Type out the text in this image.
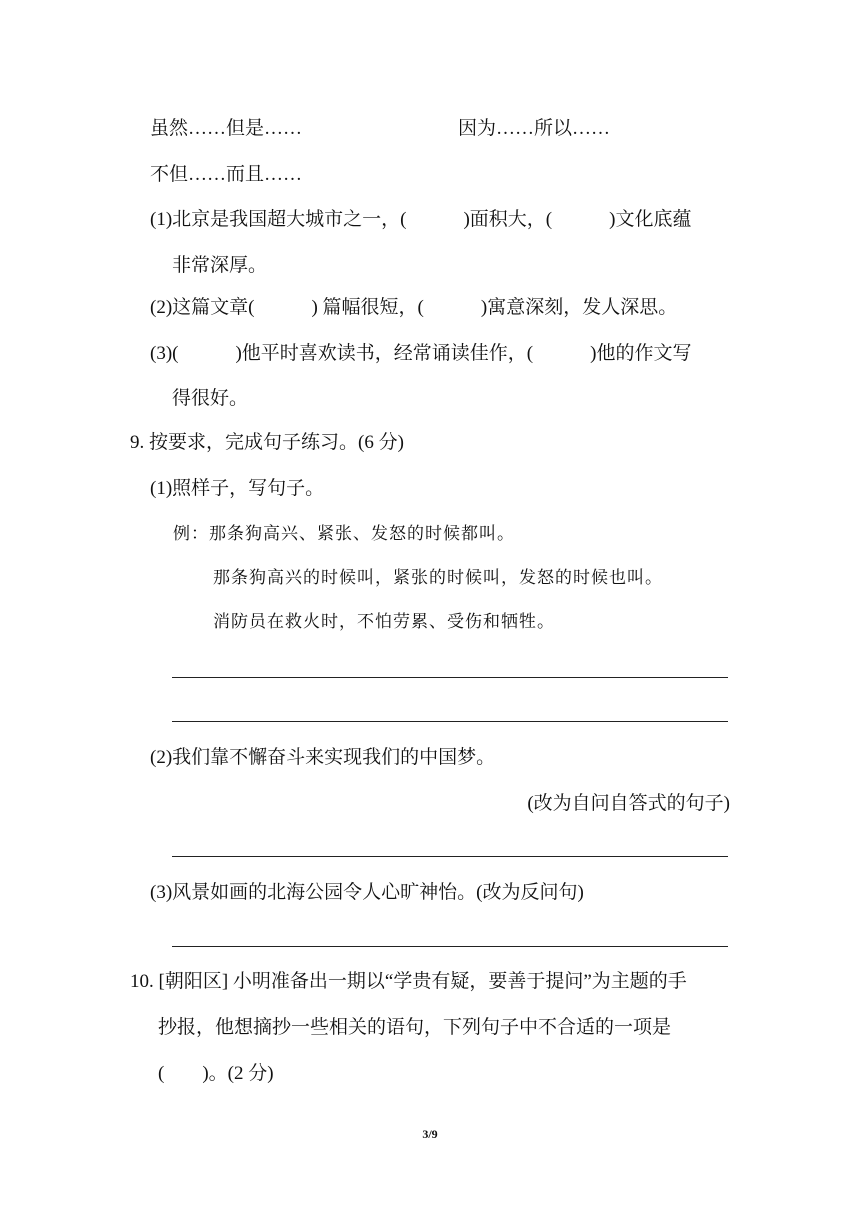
虽然……但是……	因为……所以……
不但……而且……
(1)北京是我国超大城市之一，(　　　)面积大，(　　　)文化底蕴
非常深厚。
(2)这篇文章(　　　) 篇幅很短，(　　　)寓意深刻，发人深思。
(3)(　　　)他平时喜欢读书，经常诵读佳作，(　　　)他的作文写
得很好。
9. 按要求，完成句子练习。(6 分)
(1)照样子，写句子。
例：那条狗高兴、紧张、发怒的时候都叫。
那条狗高兴的时候叫，紧张的时候叫，发怒的时候也叫。
消防员在救火时，不怕劳累、受伤和牺牲。
(2)我们靠不懈奋斗来实现我们的中国梦。
(改为自问自答式的句子)
(3)风景如画的北海公园令人心旷神怡。(改为反问句)
10. [朝阳区] 小明准备出一期以“学贵有疑，要善于提问”为主题的手
抄报，他想摘抄一些相关的语句，下列句子中不合适的一项是
(　　)。(2 分)
3/9
